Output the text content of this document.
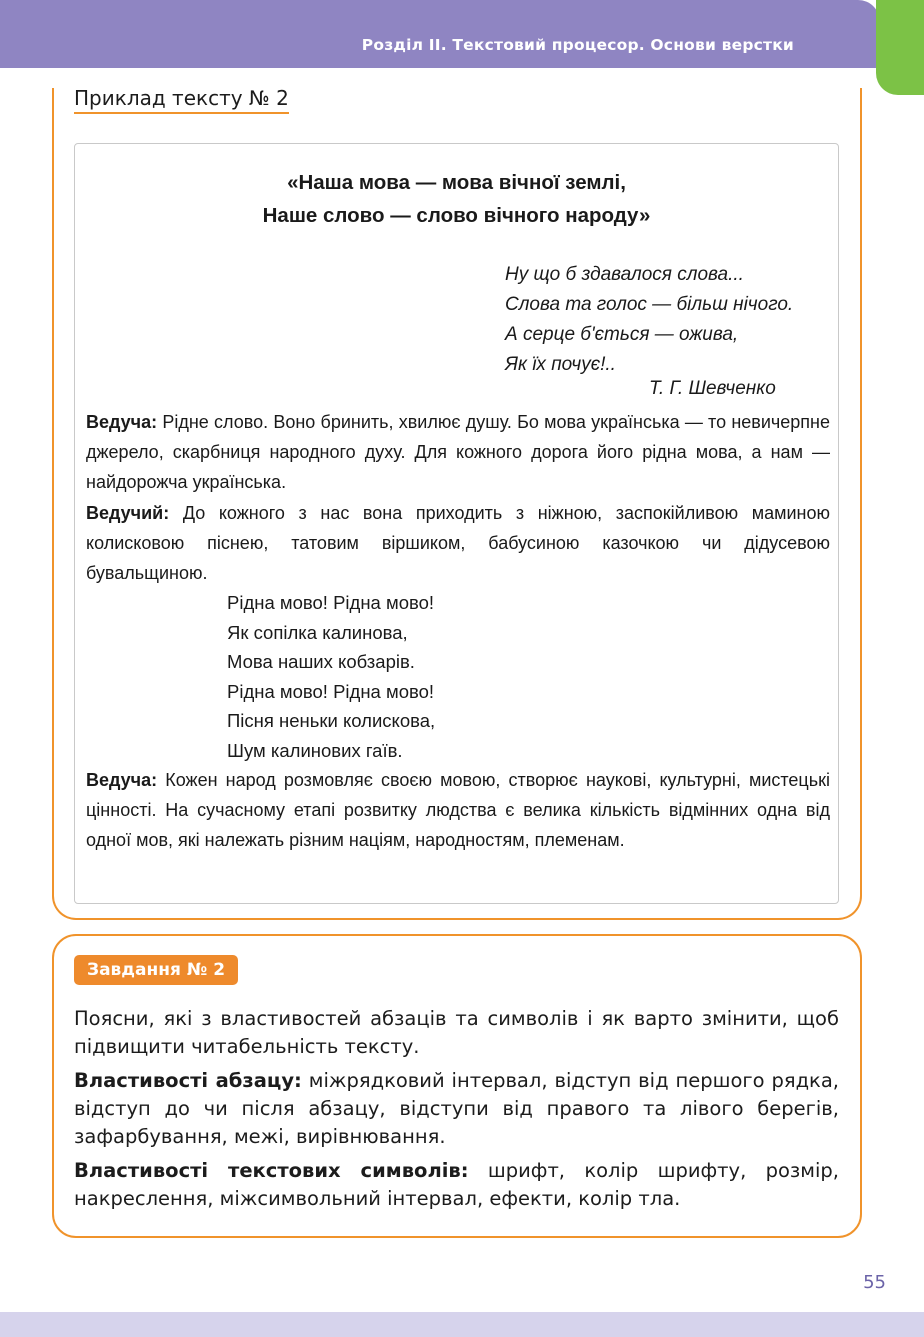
Розділ ІІ. Текстовий процесор. Основи верстки
Приклад тексту № 2
«Наша мова — мова вічної землі,
Наше слово — слово вічного народу»
Ну що б здавалося слова...
Слова та голос — більш нічого.
А серце б'ється — ожива,
Як їх почує!..
Т. Г. Шевченко

Ведуча: Рідне слово. Воно бринить, хвилює душу. Бо мова українська — то невичерпне джерело, скарбниця народного духу. Для кожного дорога його рідна мова, а нам — найдорожча українська.

Ведучий: До кожного з нас вона приходить з ніжною, заспокійливою маминою колисковою піснею, татовим віршиком, бабусиною казочкою чи дідусевою бувальщиною.

Рідна мово! Рідна мово!
Як сопілка калинова,
Мова наших кобзарів.
Рідна мово! Рідна мово!
Пісня неньки колискова,
Шум калинових гаїв.

Ведуча: Кожен народ розмовляє своєю мовою, створює наукові, культурні, мистецькі цінності. На сучасному етапі розвитку людства є велика кількість відмінних одна від одної мов, які належать різним націям, народностям, племенам.

Завдання № 2

Поясни, які з властивостей абзаців та символів і як варто змінити, щоб підвищити читабельність тексту.

Властивості абзацу: міжрядковий інтервал, відступ від першого рядка, відступ до чи після абзацу, відступи від правого та лівого берегів, зафарбування, межі, вирівнювання.

Властивості текстових символів: шрифт, колір шрифту, розмір, накреслення, міжсимвольний інтервал, ефекти, колір тла.

55
